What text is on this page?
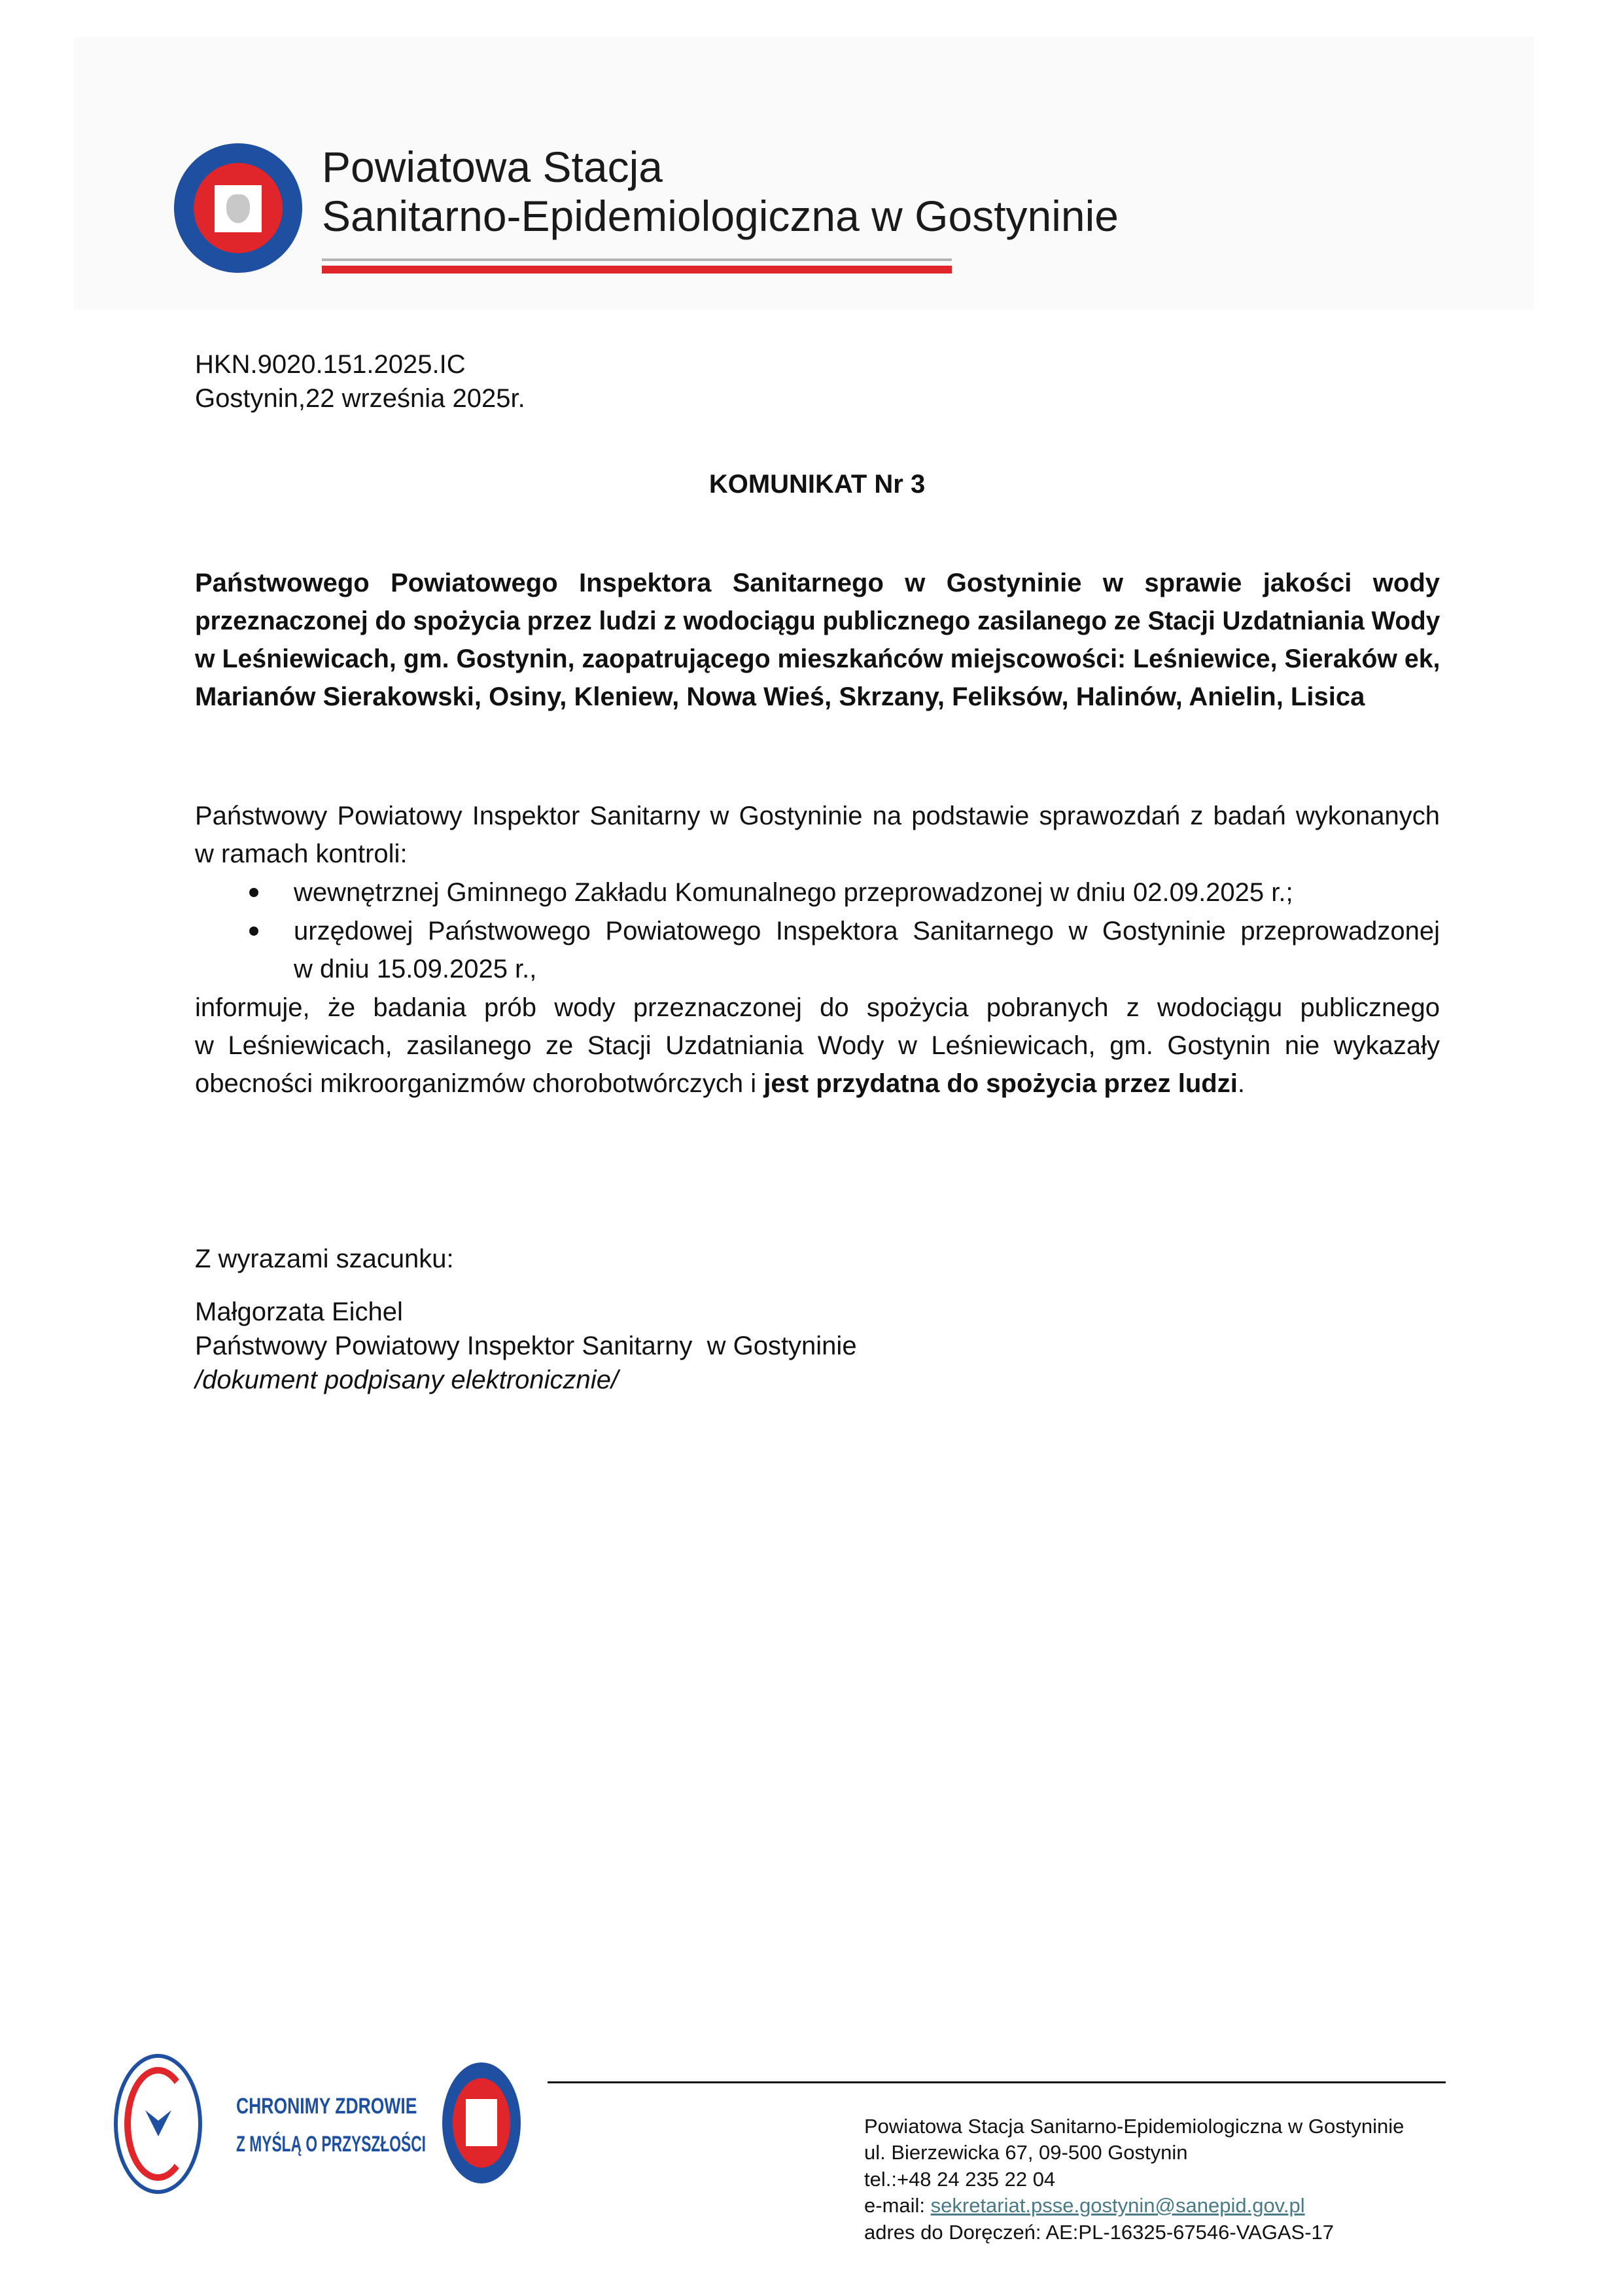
Powiatowa Stacja
Sanitarno-Epidemiologiczna w Gostyninie
HKN.9020.151.2025.IC
Gostynin,22 września 2025r.
KOMUNIKAT Nr 3
Państwowego Powiatowego Inspektora Sanitarnego w Gostyninie w sprawie jakości wody
przeznaczonej do spożycia przez ludzi z wodociągu publicznego zasilanego ze Stacji Uzdatniania Wody
w Leśniewicach, gm. Gostynin, zaopatrującego mieszkańców miejscowości: Leśniewice, Sieraków ek,
Marianów Sierakowski, Osiny, Kleniew, Nowa Wieś, Skrzany, Feliksów, Halinów, Anielin, Lisica
Państwowy Powiatowy Inspektor Sanitarny w Gostyninie na podstawie sprawozdań z badań wykonanych
w ramach kontroli:
wewnętrznej Gminnego Zakładu Komunalnego przeprowadzonej w dniu 02.09.2025 r.;
urzędowej Państwowego Powiatowego Inspektora Sanitarnego w Gostyninie przeprowadzonej
w dniu 15.09.2025 r.,
informuje, że badania prób wody przeznaczonej do spożycia pobranych z wodociągu publicznego
w Leśniewicach, zasilanego ze Stacji Uzdatniania Wody w Leśniewicach, gm. Gostynin nie wykazały
obecności mikroorganizmów chorobotwórczych i jest przydatna do spożycia przez ludzi.
Z wyrazami szacunku:
Małgorzata Eichel
Państwowy Powiatowy Inspektor Sanitarny  w Gostyninie
/dokument podpisany elektronicznie/
CHRONIMY ZDROWIE
Z MYŚLĄ O PRZYSZŁOŚCI
Powiatowa Stacja Sanitarno-Epidemiologiczna w Gostyninie
ul. Bierzewicka 67, 09-500 Gostynin
tel.:+48 24 235 22 04
e-mail: sekretariat.psse.gostynin@sanepid.gov.pl
adres do Doręczeń: AE:PL-16325-67546-VAGAS-17
